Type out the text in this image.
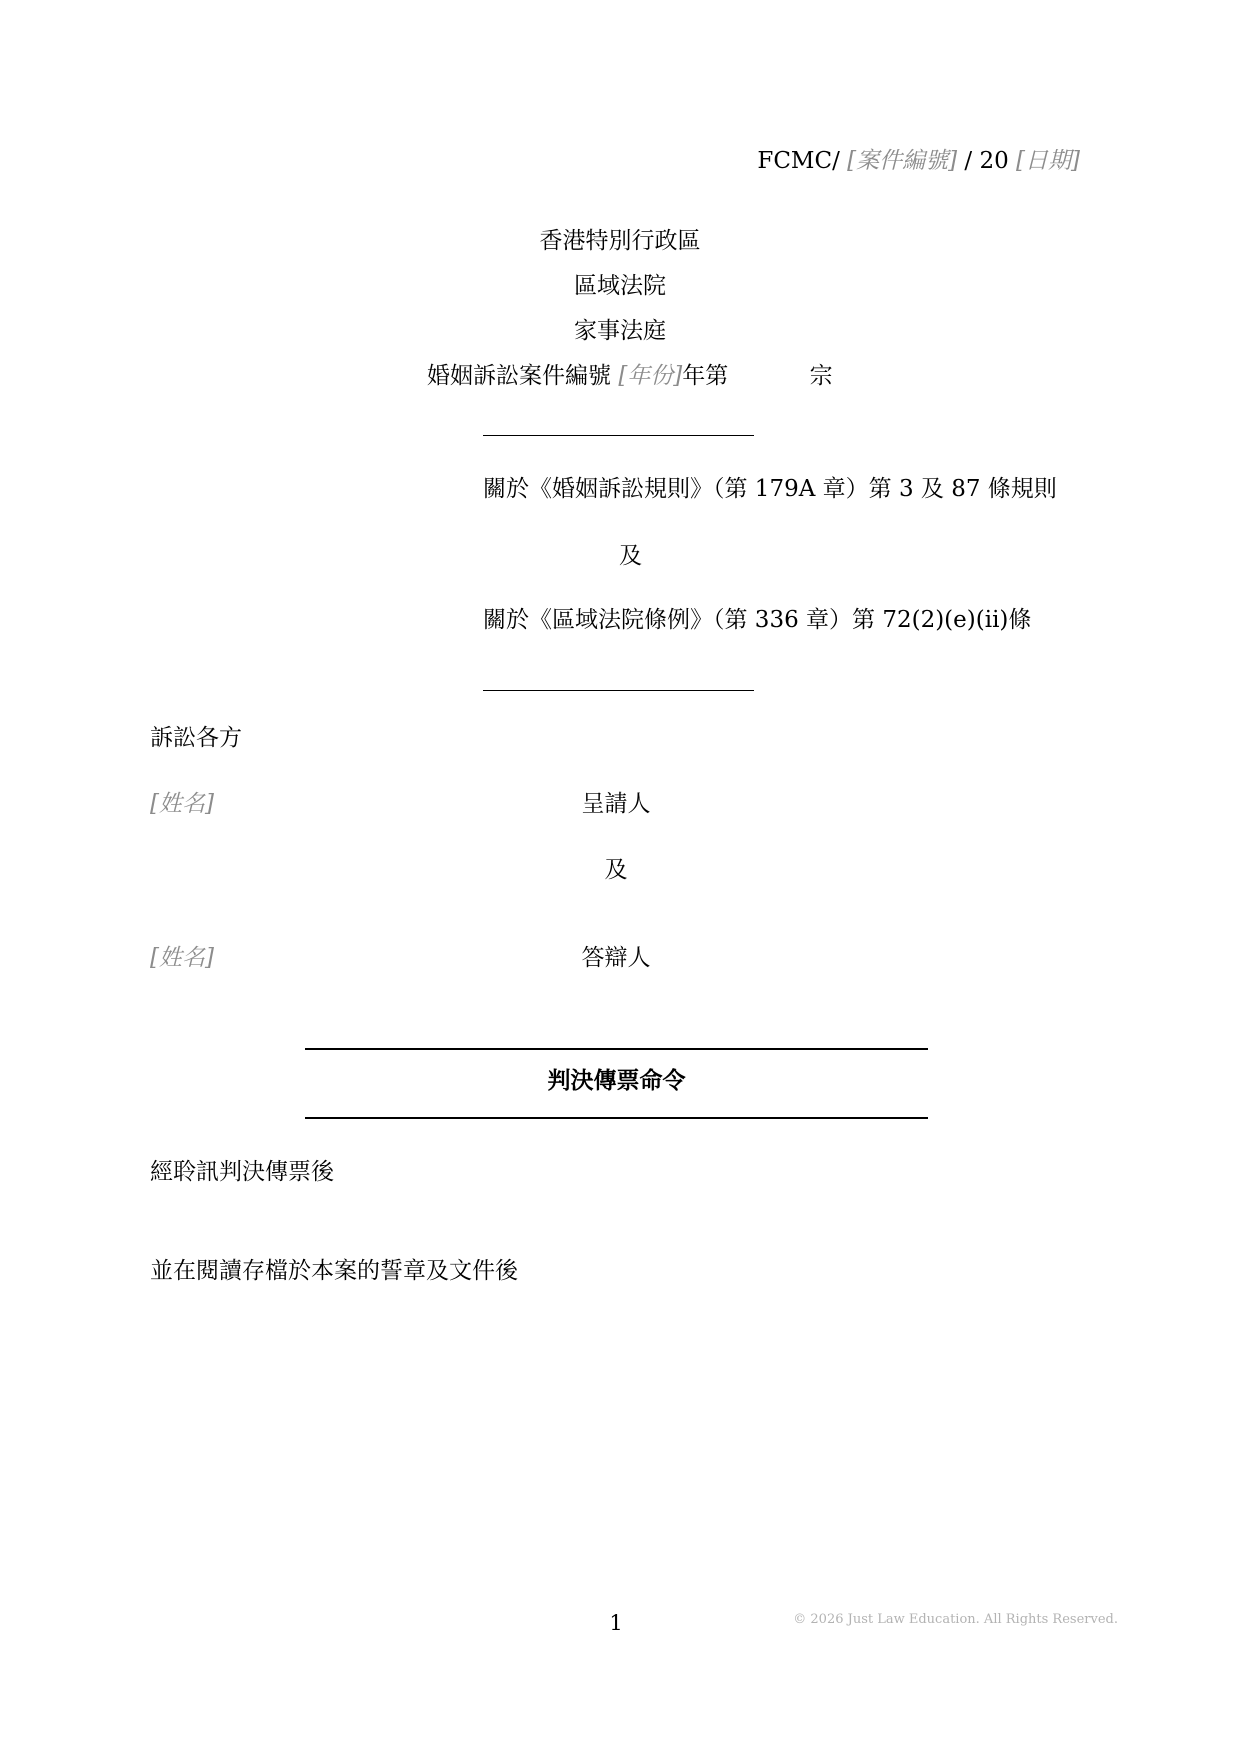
FCMC/ [案件編號] / 20 [日期]
香港特別行政區
區域法院
家事法庭
婚姻訴訟案件編號 [年份]年第	宗
關於《婚姻訴訟規則》（第 179A 章）第 3 及 87 條規則
及
關於《區域法院條例》（第 336 章）第 72(2)(e)(ii)條
訴訟各方
[姓名]	呈請人
及
[姓名]	答辯人
判決傳票命令
經聆訊判決傳票後
並在閱讀存檔於本案的誓章及文件後
1	© 2026 Just Law Education. All Rights Reserved.
